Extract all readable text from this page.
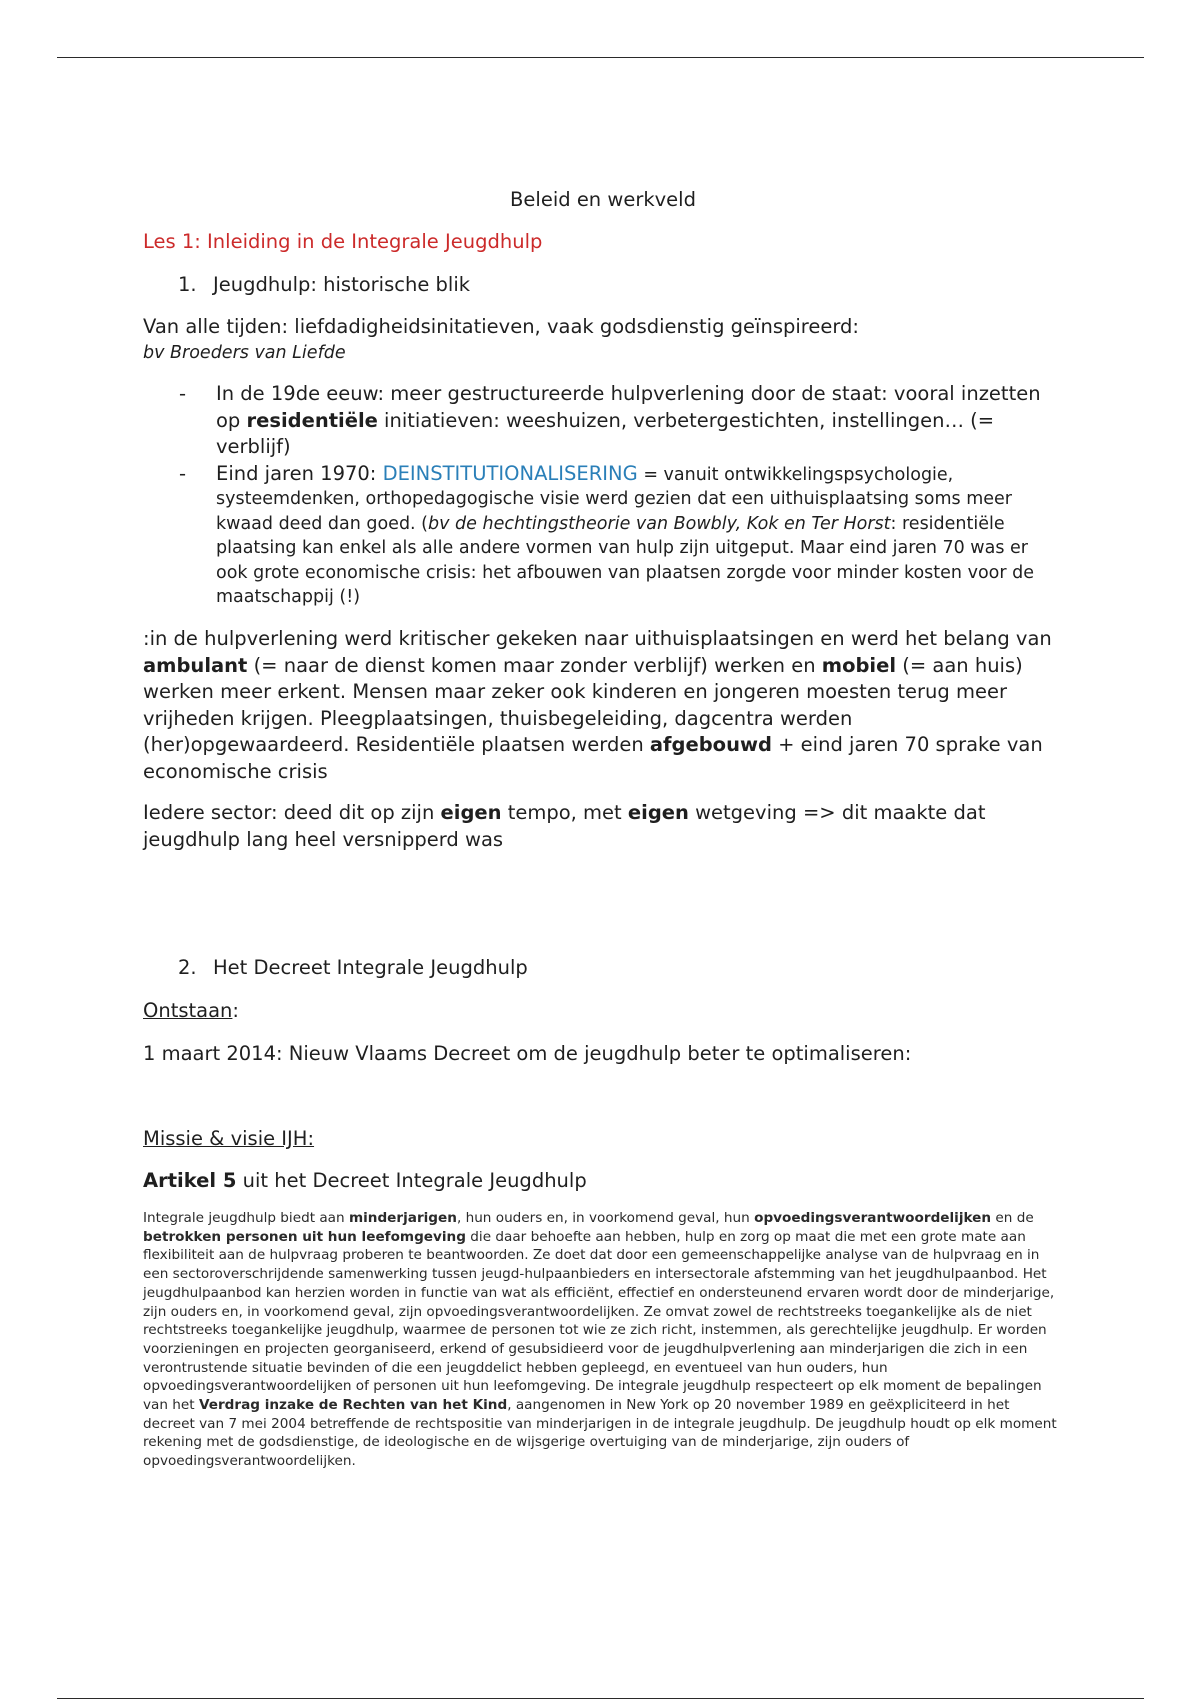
Beleid en werkveld
Les 1: Inleiding in de Integrale Jeugdhulp
1. Jeugdhulp: historische blik
Van alle tijden: liefdadigheidsinitatieven, vaak godsdienstig geïnspireerd:
bv Broeders van Liefde
- In de 19de eeuw: meer gestructureerde hulpverlening door de staat: vooral inzetten op residentiële initiatieven: weeshuizen, verbetergestichten, instellingen… (= verblijf)
- Eind jaren 1970: DEINSTITUTIONALISERING = vanuit ontwikkelingspsychologie, systeemdenken, orthopedagogische visie werd gezien dat een uithuisplaatsing soms meer kwaad deed dan goed. (bv de hechtingstheorie van Bowbly, Kok en Ter Horst: residentiële plaatsing kan enkel als alle andere vormen van hulp zijn uitgeput. Maar eind jaren 70 was er ook grote economische crisis: het afbouwen van plaatsen zorgde voor minder kosten voor de maatschappij (!)
:in de hulpverlening werd kritischer gekeken naar uithuisplaatsingen en werd het belang van ambulant (= naar de dienst komen maar zonder verblijf) werken en mobiel (= aan huis) werken meer erkent. Mensen maar zeker ook kinderen en jongeren moesten terug meer vrijheden krijgen. Pleegplaatsingen, thuisbegeleiding, dagcentra werden (her)opgewaardeerd. Residentiële plaatsen werden afgebouwd + eind jaren 70 sprake van economische crisis
Iedere sector: deed dit op zijn eigen tempo, met eigen wetgeving => dit maakte dat jeugdhulp lang heel versnipperd was
2. Het Decreet Integrale Jeugdhulp
Ontstaan:
1 maart 2014: Nieuw Vlaams Decreet om de jeugdhulp beter te optimaliseren:
Missie & visie IJH:
Artikel 5 uit het Decreet Integrale Jeugdhulp
Integrale jeugdhulp biedt aan minderjarigen, hun ouders en, in voorkomend geval, hun opvoedingsverantwoordelijken en de betrokken personen uit hun leefomgeving die daar behoefte aan hebben, hulp en zorg op maat die met een grote mate aan flexibiliteit aan de hulpvraag proberen te beantwoorden. Ze doet dat door een gemeenschappelijke analyse van de hulpvraag en in een sectoroverschrijdende samenwerking tussen jeugd-hulpaanbieders en intersectorale afstemming van het jeugdhulpaanbod. Het jeugdhulpaanbod kan herzien worden in functie van wat als efficiënt, effectief en ondersteunend ervaren wordt door de minderjarige, zijn ouders en, in voorkomend geval, zijn opvoedingsverantwoordelijken. Ze omvat zowel de rechtstreeks toegankelijke als de niet rechtstreeks toegankelijke jeugdhulp, waarmee de personen tot wie ze zich richt, instemmen, als gerechtelijke jeugdhulp. Er worden voorzieningen en projecten georganiseerd, erkend of gesubsidieerd voor de jeugdhulpverlening aan minderjarigen die zich in een verontrustende situatie bevinden of die een jeugddelict hebben gepleegd, en eventueel van hun ouders, hun opvoedingsverantwoordelijken of personen uit hun leefomgeving. De integrale jeugdhulp respecteert op elk moment de bepalingen van het Verdrag inzake de Rechten van het Kind, aangenomen in New York op 20 november 1989 en geëxpliciteerd in het decreet van 7 mei 2004 betreffende de rechtspositie van minderjarigen in de integrale jeugdhulp. De jeugdhulp houdt op elk moment rekening met de godsdienstige, de ideologische en de wijsgerige overtuiging van de minderjarige, zijn ouders of opvoedingsverantwoordelijken.
